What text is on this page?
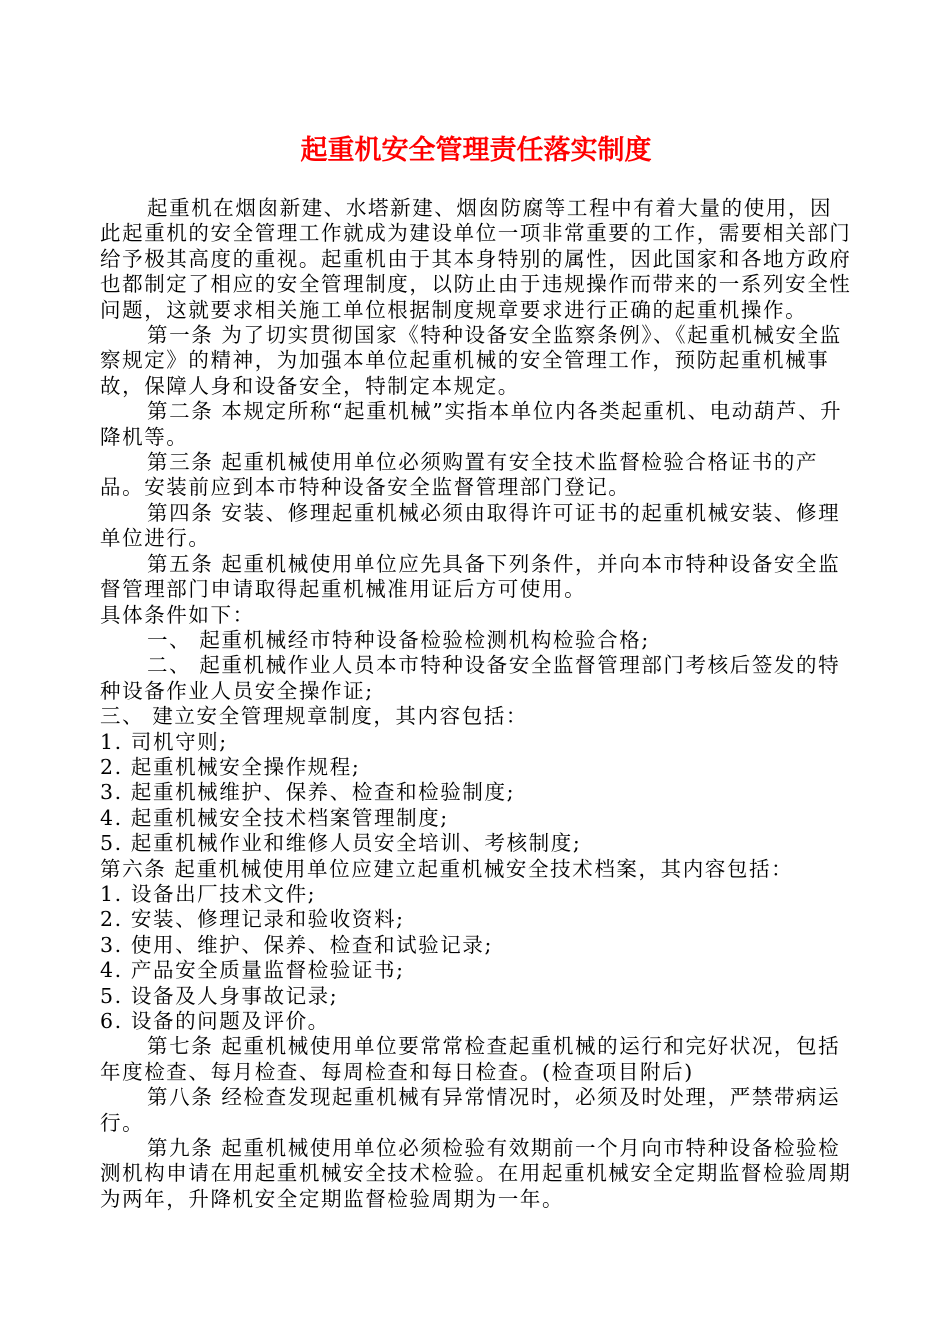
起重机安全管理责任落实制度

起重机在烟囱新建、水塔新建、烟囱防腐等工程中有着大量的使用，因此起重机的安全管理工作就成为建设单位一项非常重要的工作，需要相关部门给予极其高度的重视。起重机由于其本身特别的属性，因此国家和各地方政府也都制定了相应的安全管理制度，以防止由于违规操作而带来的一系列安全性问题，这就要求相关施工单位根据制度规章要求进行正确的起重机操作。

第一条 为了切实贯彻国家《特种设备安全监察条例》、《起重机械安全监察规定》的精神，为加强本单位起重机械的安全管理工作，预防起重机械事故，保障人身和设备安全，特制定本规定。

第二条 本规定所称“起重机械”实指本单位内各类起重机、电动葫芦、升降机等。

第三条 起重机械使用单位必须购置有安全技术监督检验合格证书的产品。安装前应到本市特种设备安全监督管理部门登记。

第四条 安装、修理起重机械必须由取得许可证书的起重机械安装、修理单位进行。

第五条 起重机械使用单位应先具备下列条件，并向本市特种设备安全监督管理部门申请取得起重机械准用证后方可使用。

具体条件如下：

一、 起重机械经市特种设备检验检测机构检验合格;

二、 起重机械作业人员本市特种设备安全监督管理部门考核后签发的特种设备作业人员安全操作证;

三、 建立安全管理规章制度，其内容包括：

1. 司机守则;

2. 起重机械安全操作规程;

3. 起重机械维护、保养、检查和检验制度;

4. 起重机械安全技术档案管理制度;

5. 起重机械作业和维修人员安全培训、考核制度;

第六条 起重机械使用单位应建立起重机械安全技术档案，其内容包括：

1. 设备出厂技术文件;

2. 安装、修理记录和验收资料;

3. 使用、维护、保养、检查和试验记录;

4. 产品安全质量监督检验证书;

5. 设备及人身事故记录;

6. 设备的问题及评价。

第七条 起重机械使用单位要常常检查起重机械的运行和完好状况，包括年度检查、每月检查、每周检查和每日检查。(检查项目附后)

第八条 经检查发现起重机械有异常情况时，必须及时处理，严禁带病运行。

第九条 起重机械使用单位必须检验有效期前一个月向市特种设备检验检测机构申请在用起重机械安全技术检验。在用起重机械安全定期监督检验周期为两年，升降机安全定期监督检验周期为一年。
